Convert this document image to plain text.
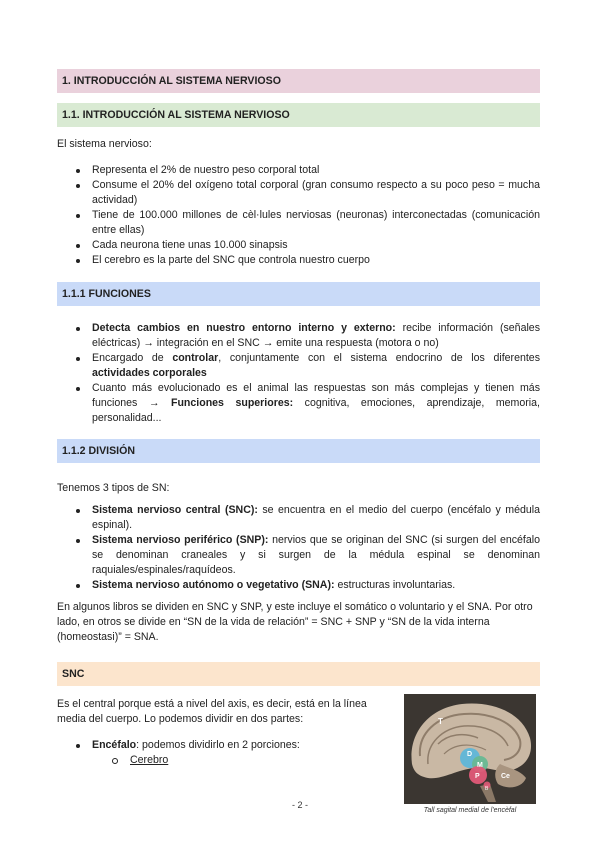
1. INTRODUCCIÓN AL SISTEMA NERVIOSO
1.1. INTRODUCCIÓN AL SISTEMA NERVIOSO

El sistema nervioso:

Representa el 2% de nuestro peso corporal total
Consume el 20% del oxígeno total corporal (gran consumo respecto a su poco peso = mucha actividad)
Tiene de 100.000 millones de cèl·lules nerviosas (neuronas) interconectadas (comunicación entre ellas)
Cada neurona tiene unas 10.000 sinapsis
El cerebro es la parte del SNC que controla nuestro cuerpo
1.1.1 FUNCIONES
Detecta cambios en nuestro entorno interno y externo: recibe información (señales eléctricas) → integración en el SNC → emite una respuesta (motora o no)
Encargado de controlar, conjuntamente con el sistema endocrino de los diferentes actividades corporales
Cuanto más evolucionado es el animal las respuestas son más complejas y tienen más funciones → Funciones superiores: cognitiva, emociones, aprendizaje, memoria, personalidad...
1.1.2 DIVISIÓN

Tenemos 3 tipos de SN:

Sistema nervioso central (SNC): se encuentra en el medio del cuerpo (encéfalo y médula espinal).
Sistema nervioso periférico (SNP): nervios que se originan del SNC (si surgen del encéfalo se denominan craneales y si surgen de la médula espinal se denominan raquiales/espinales/raquídeos.
Sistema nervioso autónomo o vegetativo (SNA): estructuras involuntarias.

En algunos libros se dividen en SNC y SNP, y este incluye el somático o voluntario y el SNA. Por otro lado, en otros se divide en “SN de la vida de relación” = SNC + SNP y “SN de la vida interna (homeostasi)” = SNA.

SNC

Es el central porque está a nivel del axis, es decir, está en la línea media del cuerpo. Lo podemos dividir en dos partes:

Encéfalo: podemos dividirlo en 2 porciones:
Cerebro
T
D
M
P	Ce
B
Tall sagital medial de l'encèfal
- 2 -
